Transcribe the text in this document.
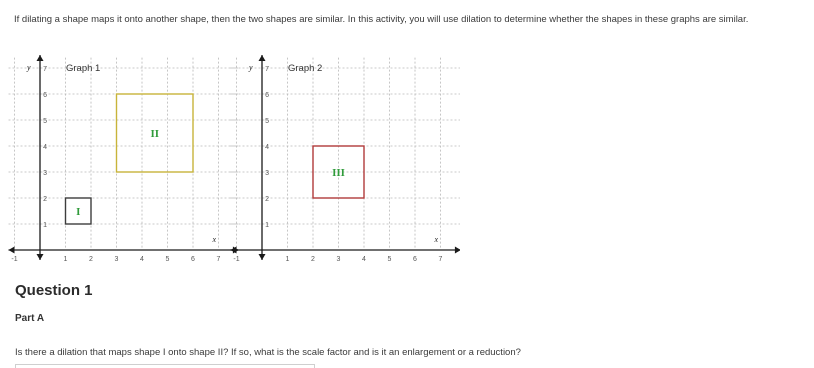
If dilating a shape maps it onto another shape, then the two shapes are similar. In this activity, you will use dilation to determine whether the shapes in these graphs are similar.
-1	1	2	3	4	5	6	7
1
2
3
4
5
6
7
x
y	Graph 1
I
II
-1	1	2	3	4	5	6	7
1
2
3
4
5
6
7
x
y	Graph 2
III
Question 1
Part A
Is there a dilation that maps shape I onto shape II? If so, what is the scale factor and is it an enlargement or a reduction?
